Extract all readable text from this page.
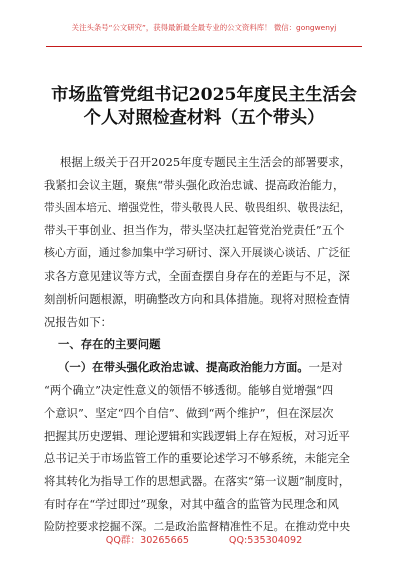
关注头条号“公文研究”，获得最新最全最专业的公文资料库！ 微信：gongwenyj
市场监管党组书记2025年度民主生活会
个人对照检查材料（五个带头）
根据上级关于召开2025年度专题民主生活会的部署要求，
我紧扣会议主题，聚焦“带头强化政治忠诚、提高政治能力，
带头固本培元、增强党性，带头敬畏人民、敬畏组织、敬畏法纪，
带头干事创业、担当作为，带头坚决扛起管党治党责任”五个
核心方面，通过参加集中学习研讨、深入开展谈心谈话、广泛征
求各方意见建议等方式，全面查摆自身存在的差距与不足，深
刻剖析问题根源，明确整改方向和具体措施。现将对照检查情
况报告如下：
一、存在的主要问题
（一）在带头强化政治忠诚、提高政治能力方面。一是对
“两个确立”决定性意义的领悟不够透彻。能够自觉增强“四
个意识”、坚定“四个自信”、做到“两个维护”，但在深层次
把握其历史逻辑、理论逻辑和实践逻辑上存在短板，对习近平
总书记关于市场监管工作的重要论述学习不够系统，未能完全
将其转化为指导工作的思想武器。在落实“第一议题”制度时，
有时存在“学过即过”现象，对其中蕴含的监管为民理念和风
险防控要求挖掘不深。二是政治监督精准性不足。在推动党中央
QQ群：30265665	QQ:535304092
